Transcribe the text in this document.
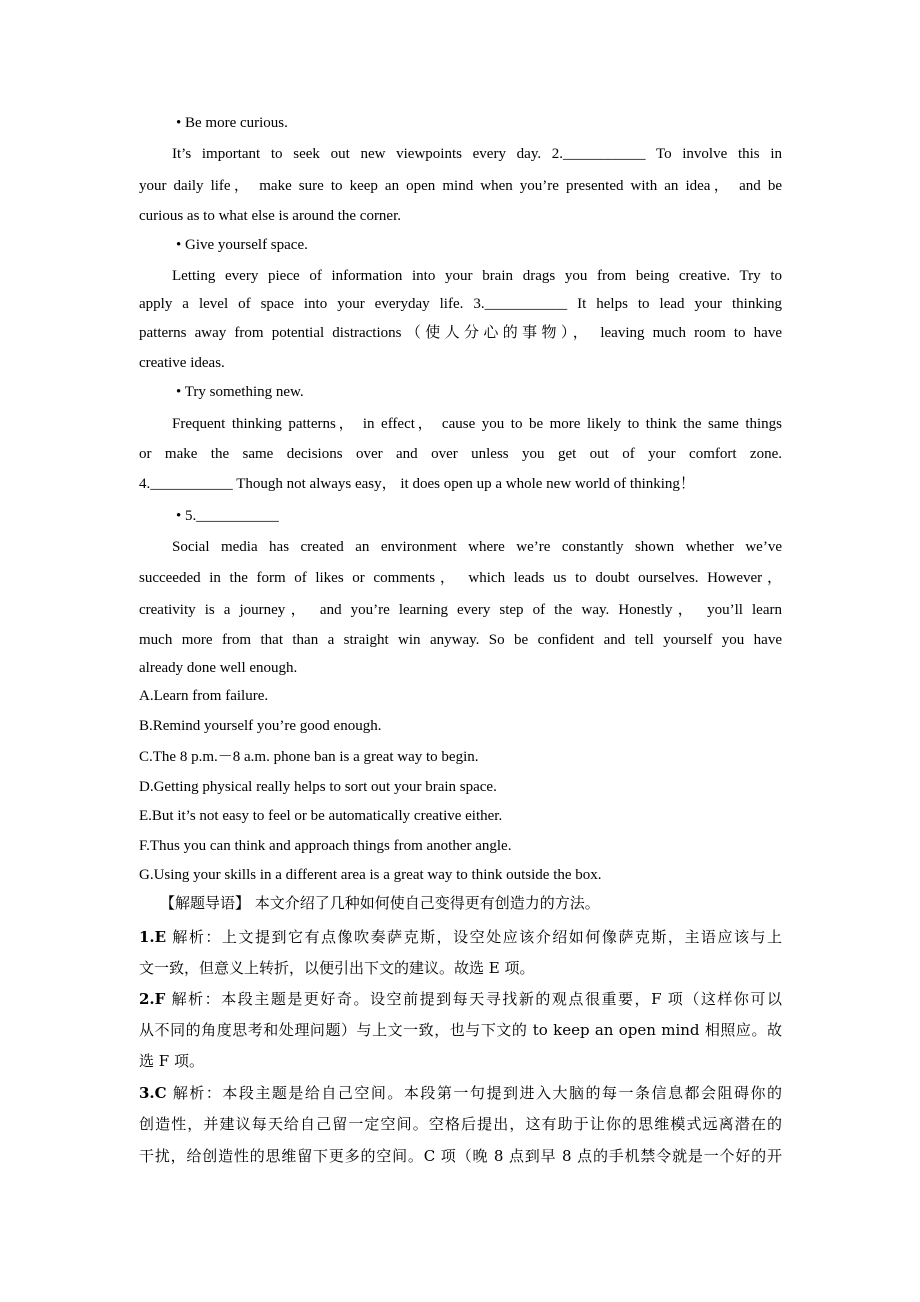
• Be more curious.
It’s important to seek out new viewpoints every day. 2.___________ To involve this in
your daily life， make sure to keep an open mind when you’re presented with an idea， and be
curious as to what else is around the corner.
• Give yourself space.
Letting every piece of information into your brain drags you from being creative. Try to
apply a level of space into your everyday life. 3.___________ It helps to lead your thinking
patterns away from potential distractions（使人分心的事物）， leaving much room to have
creative ideas.
• Try something new.
Frequent thinking patterns， in effect， cause you to be more likely to think the same things
or make the same decisions over and over unless you get out of your comfort zone.
4.___________ Though not always easy， it does open up a whole new world of thinking！
• 5.___________
Social media has created an environment where we’re constantly shown whether we’ve
succeeded in the form of likes or comments， which leads us to doubt ourselves. However，
creativity is a journey， and you’re learning every step of the way. Honestly， you’ll learn
much more from that than a straight win anyway. So be confident and tell yourself you have
already done well enough.
A.Learn from failure.
B.Remind yourself you’re good enough.
C.The 8 p.m.－8 a.m. phone ban is a great way to begin.
D.Getting physical really helps to sort out your brain space.
E.But it’s not easy to feel or be automatically creative either.
F.Thus you can think and approach things from another angle.
G.Using your skills in a different area is a great way to think outside the box.
【解题导语】 本文介绍了几种如何使自己变得更有创造力的方法。
1.E 解析：上文提到它有点像吹奏萨克斯，设空处应该介绍如何像萨克斯，主语应该与上
文一致，但意义上转折，以便引出下文的建议。故选 E 项。
2.F 解析：本段主题是更好奇。设空前提到每天寻找新的观点很重要，F 项（这样你可以
从不同的角度思考和处理问题）与上文一致，也与下文的 to keep an open mind 相照应。故
选 F 项。
3.C 解析：本段主题是给自己空间。本段第一句提到进入大脑的每一条信息都会阻碍你的
创造性，并建议每天给自己留一定空间。空格后提出，这有助于让你的思维模式远离潜在的
干扰，给创造性的思维留下更多的空间。C 项（晚 8 点到早 8 点的手机禁令就是一个好的开
